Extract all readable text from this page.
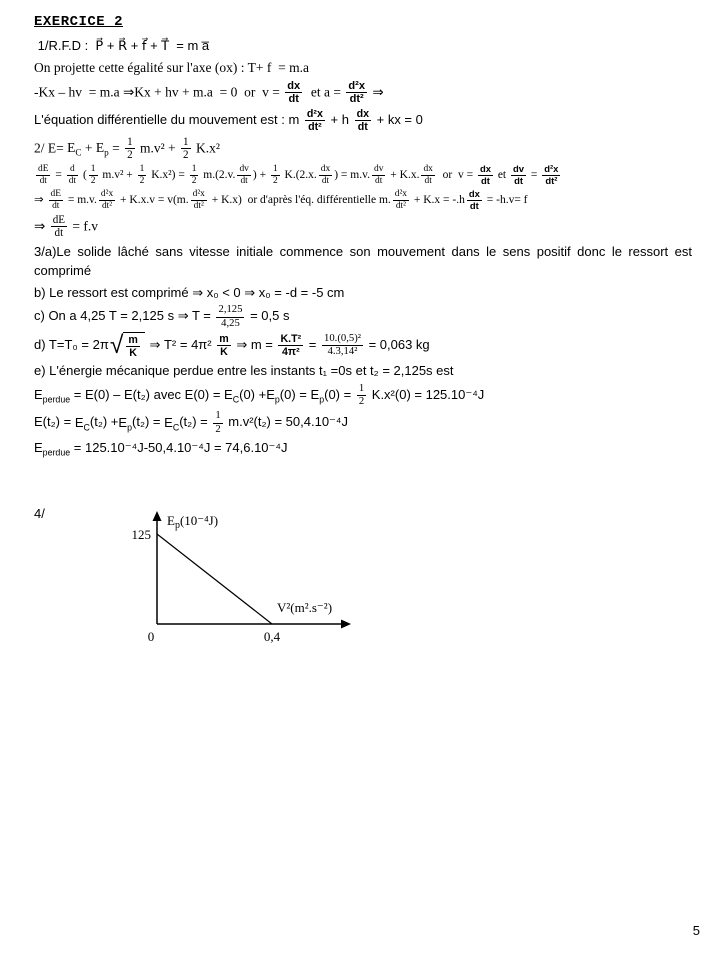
EXERCICE 2
1/R.F.D :  P⃗ + R⃗ + f⃗ + T⃗  = m a̅
On projette cette égalité sur l'axe (ox) : T+ f  = m.a
-Kx – hv  = m.a ⇒Kx + hv + m.a  = 0  or  $v = \frac{dx}{dt}$ et $a = \frac{\text{d²x}}{\text{dt²}}$ ⇒
L'équation différentielle du mouvement est : m $\frac{\text{d²x}}{\text{dt²}} + h \frac{dx}{dt}$ + kx = 0
2/ $E= E_C + E_p = \frac{1}{2} m.v^2 + \frac{1}{2} K.x^2$
$\frac{dE}{dt} = \frac{d}{dt}$ ( $\frac{1}{2} m.v^2 + \frac{1}{2} K.x^2) = \frac{1}{2} m.(2.v$. $\frac{dv}{dt}$ ) + $\frac{1}{2} K.(2.x$. $\frac{dx}{dt}$ ) = m.v. $\frac{dv}{dt} + K.x$. $\frac{dx}{dt}$ or  $v = \frac{dx}{dt}$ et $\frac{dv}{dt} = \frac{\text{d²x}}{\text{dt²}}$
⇒ $\frac{dE}{dt} = m.v$. $\frac{\text{d²x}}{\text{dt²}} + K.x.v = v(m$. $\frac{\text{d²x}}{\text{dt²}} + K.x$)  or d'après l'éq. différentielle m. $\frac{\text{d²x}}{\text{dt²}} + K.x = -.h \frac{dx}{dt} = -h.v= f$
⇒ $\frac{dE}{dt} = f.v$
3/a)Le solide lâché sans vitesse initiale commence son mouvement dans le sens positif donc le ressort est comprimé
b) Le ressort est comprimé ⇒ x₀ < 0 ⇒ x₀ = -d = -5 cm
c) On a 4,25 T = 2,125 s ⇒ $T = \frac{2,125}{4,25} = 0,5$ s
d) T=T₀ = 2π √ $\frac{m}{K}$ ⇒ $T^2 = 4\pi^2 \frac{m}{K}$ ⇒ $m = \frac{\text{K.T²}}{\text{4π²}} = \frac{\text{10.(0,5)²}}{\text{4.3,14²}} = 0,063$ kg
e) L'énergie mécanique perdue entre les instants t₁ =0s et t₂ = 2,125s est
$E_{perdue} = E(0) - E(t_2)$ avec $E(0) = E_C(0) +E_p(0) = E_p(0) = \frac{1}{2} K.x^2(0) = 125.10^{-4}J$
$E(t_2) = E_C(t_2) +E_p(t_2) = E_C(t_2) = \frac{1}{2} m.v^2(t_2) = 50,4.10^{-4}J$
$E_{perdue} = 125.10^{-4}J-50,4.10^{-4}J = 74,6.10^{-4}J$
4/	$E_p(10^{-4}J)$
125
V²(m².s⁻²)
0	0,4
5
